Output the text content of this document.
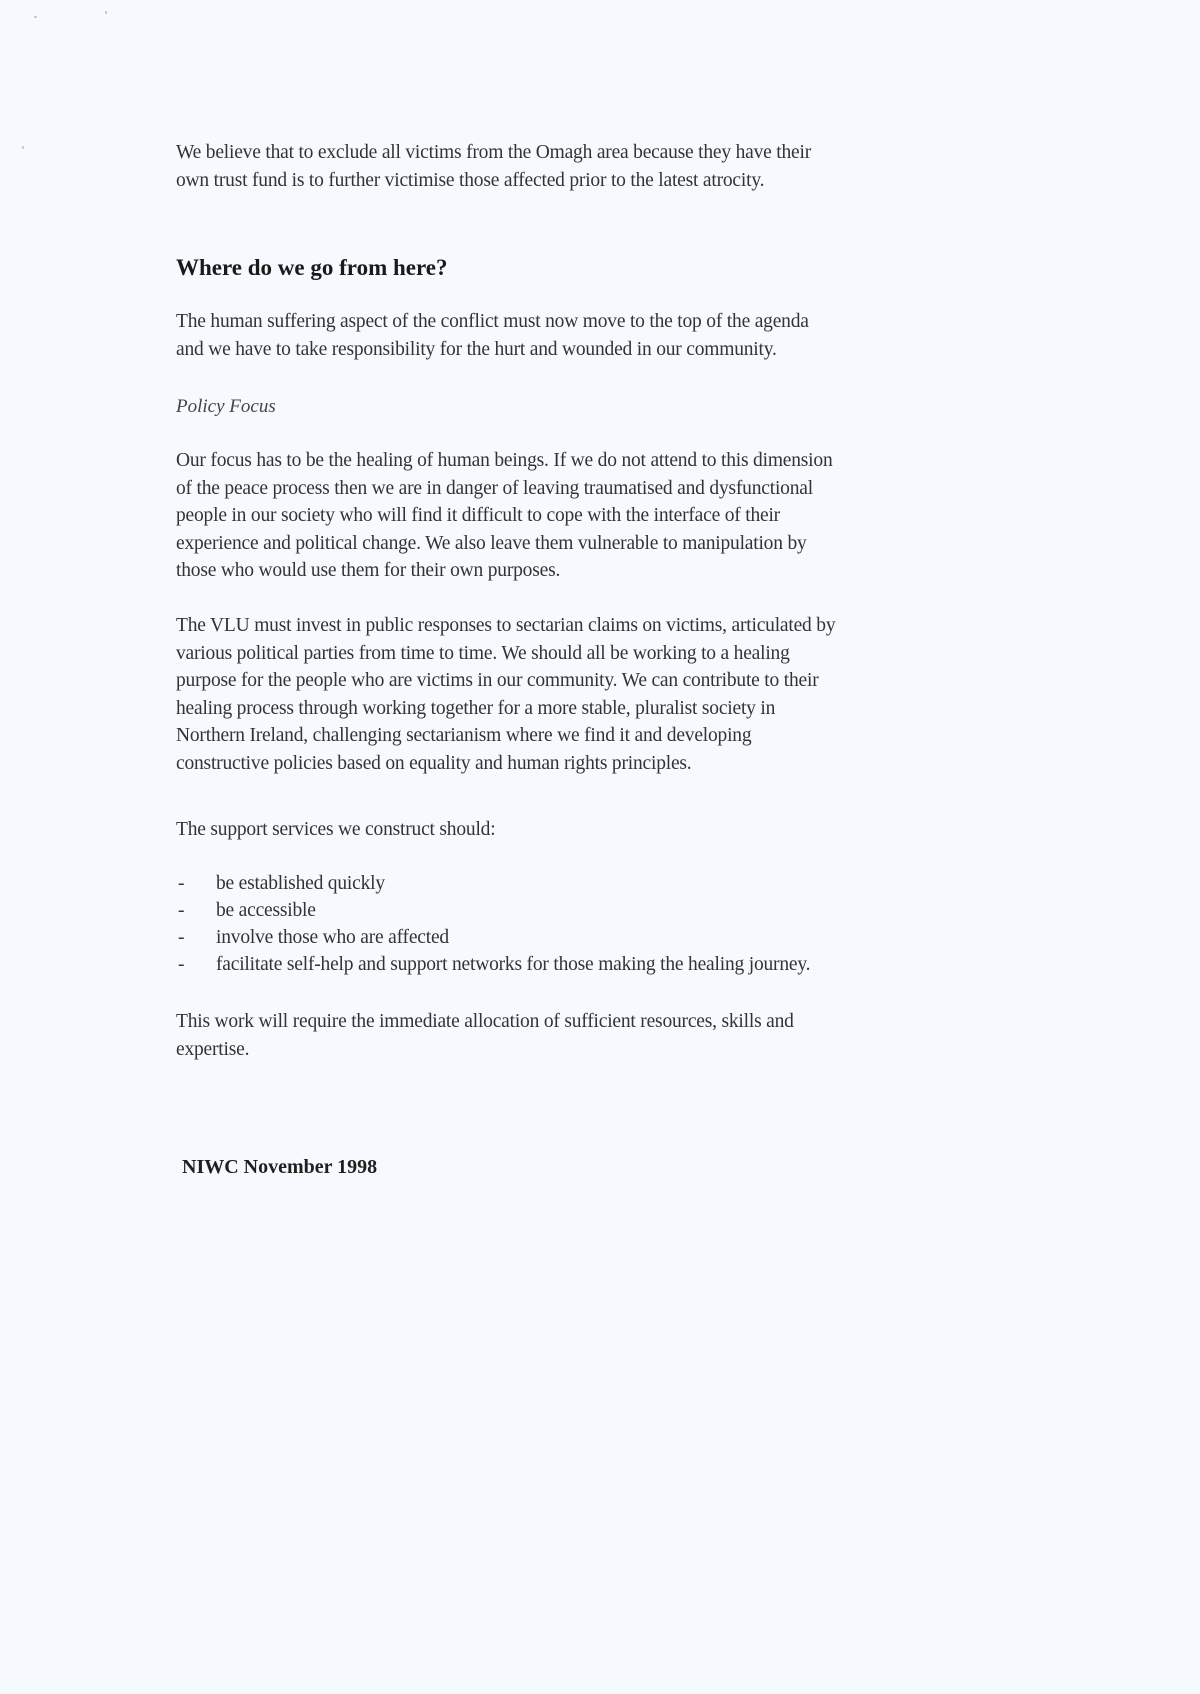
We believe that to exclude all victims from the Omagh area because they have their
own trust fund is to further victimise those affected prior to the latest atrocity.

Where do we go from here?

The human suffering aspect of the conflict must now move to the top of the agenda
and we have to take responsibility for the hurt and wounded in our community.

Policy Focus

Our focus has to be the healing of human beings. If we do not attend to this dimension
of the peace process then we are in danger of leaving traumatised and dysfunctional
people in our society who will find it difficult to cope with the interface of their
experience and political change. We also leave them vulnerable to manipulation by
those who would use them for their own purposes.

The VLU must invest in public responses to sectarian claims on victims, articulated by
various political parties from time to time. We should all be working to a healing
purpose for the people who are victims in our community. We can contribute to their
healing process through working together for a more stable, pluralist society in
Northern Ireland, challenging sectarianism where we find it and developing
constructive policies based on equality and human rights principles.

The support services we construct should:

- be established quickly
- be accessible
- involve those who are affected
- facilitate self-help and support networks for those making the healing journey.

This work will require the immediate allocation of sufficient resources, skills and
expertise.

NIWC November 1998
